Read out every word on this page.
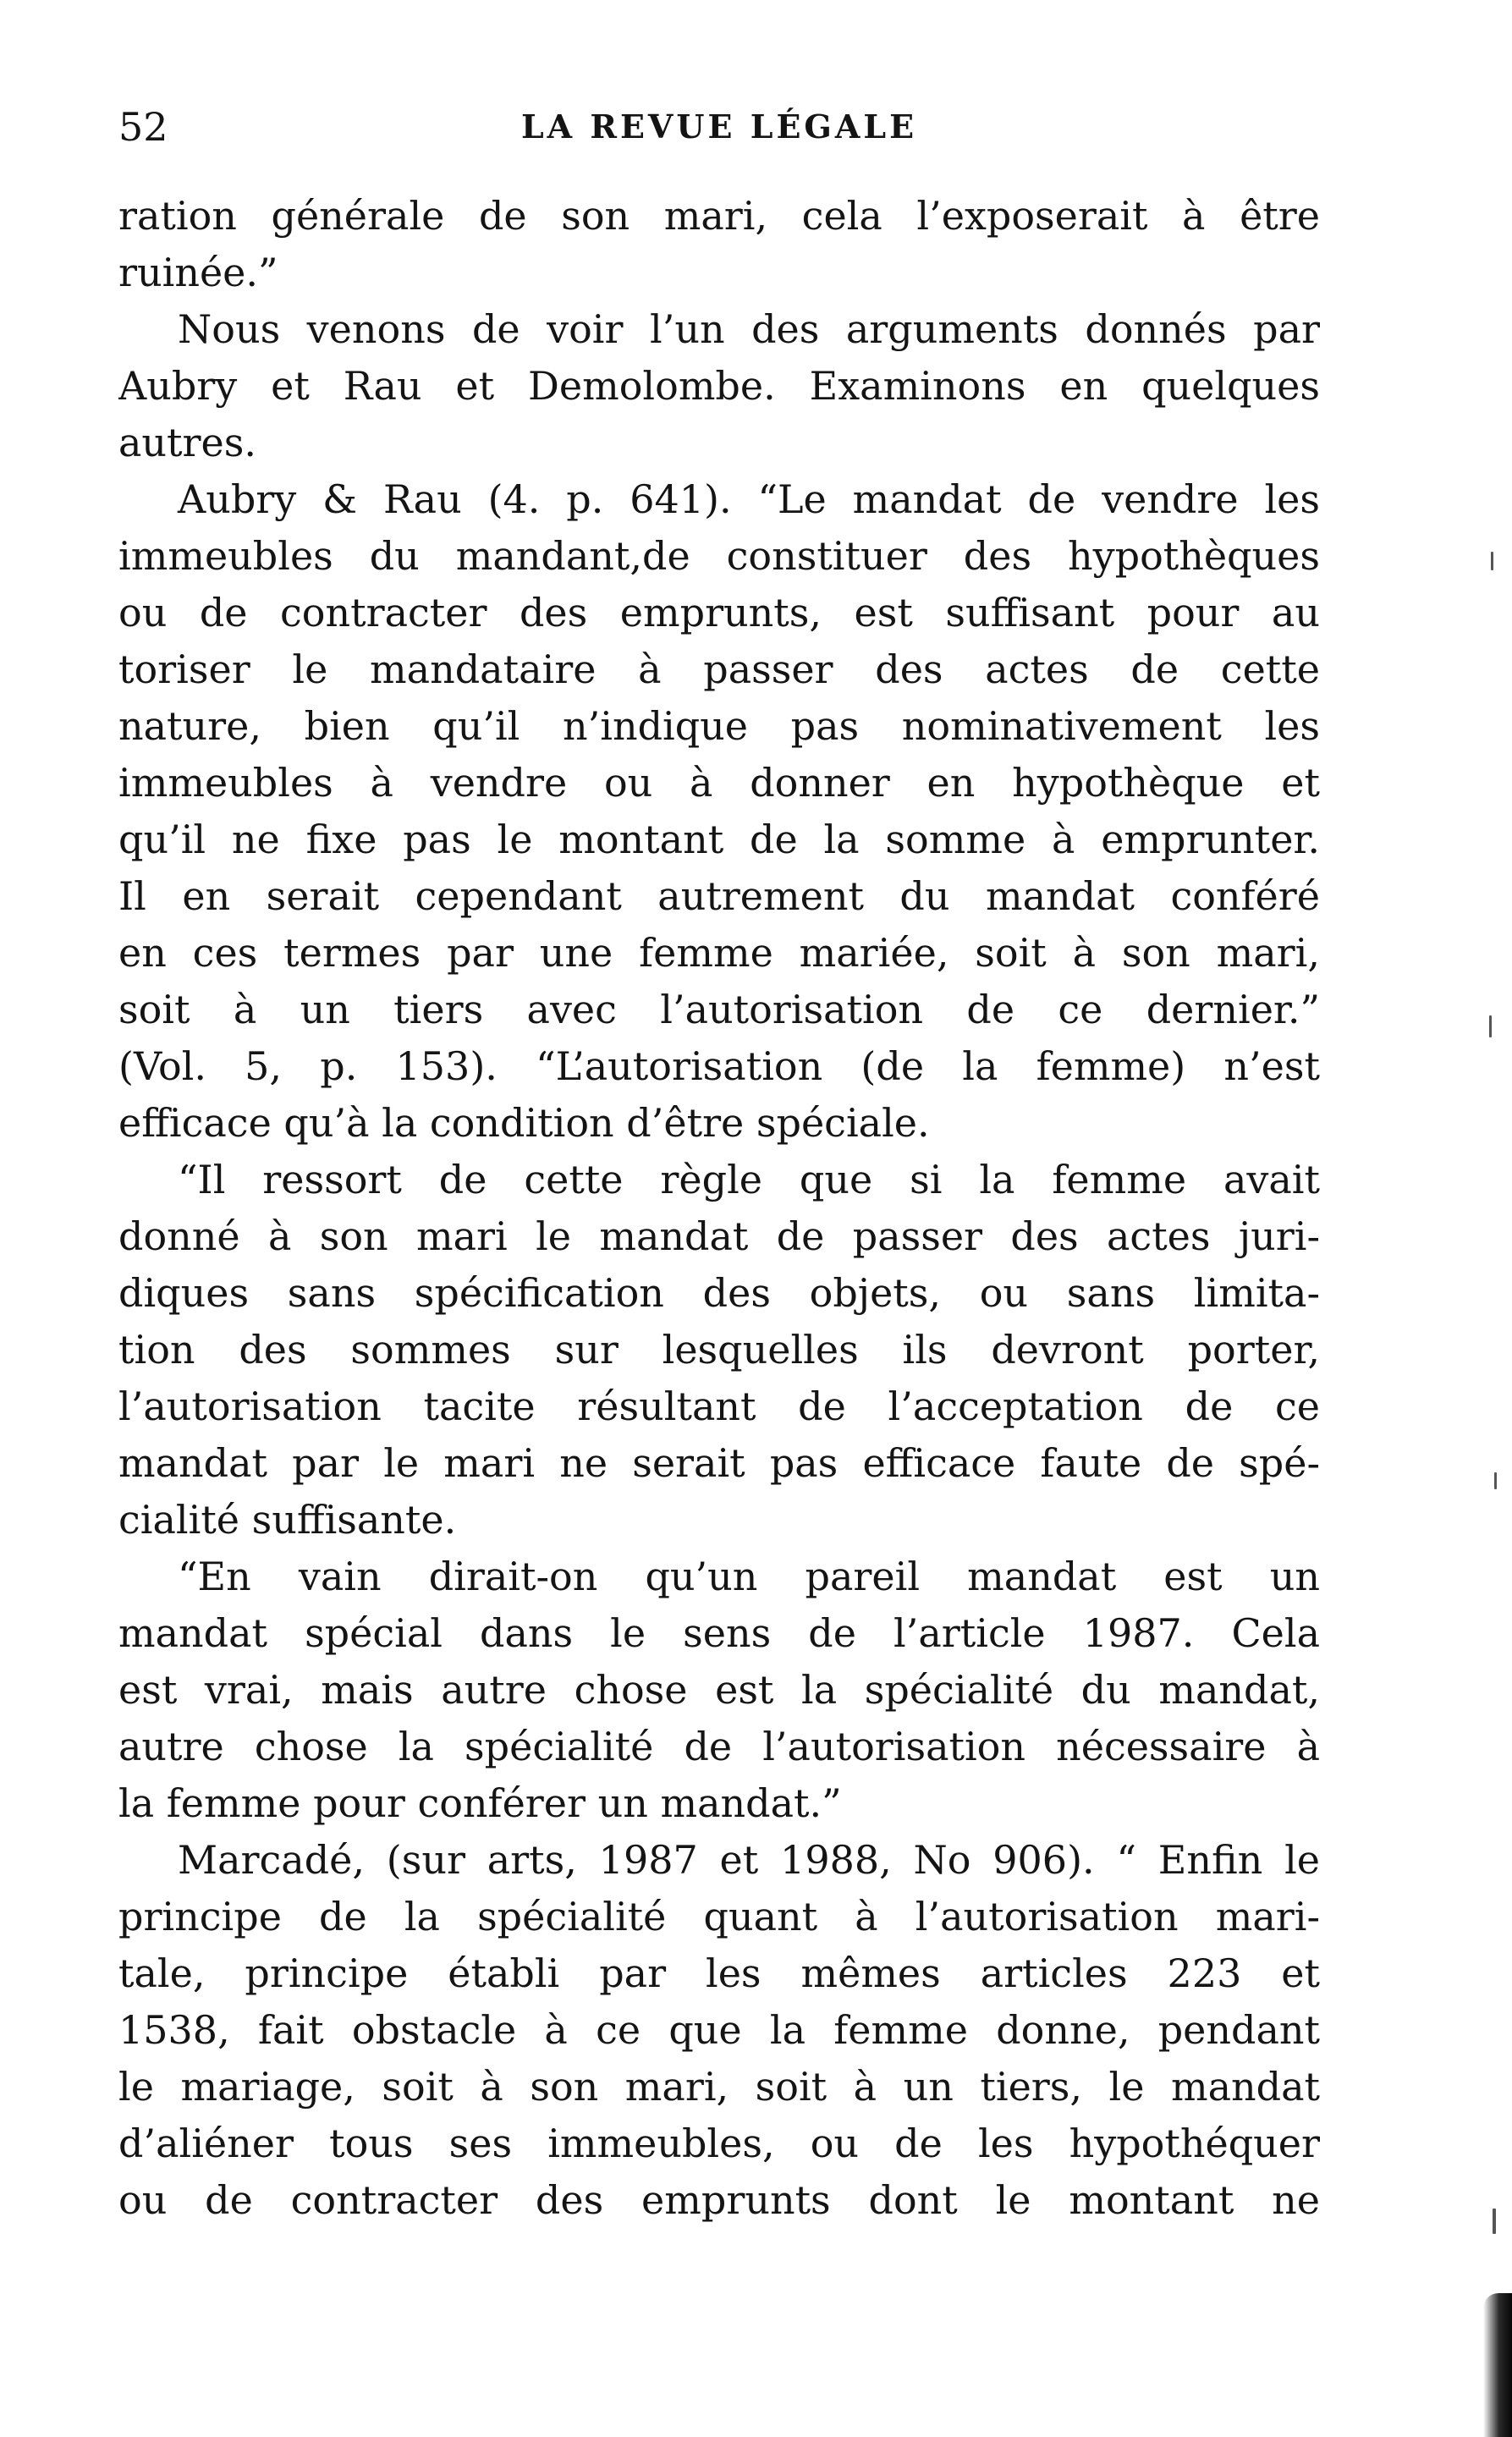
52	LA REVUE LÉGALE
ration générale de son mari, cela l’exposerait à être
ruinée.”
Nous venons de voir l’un des arguments donnés par
Aubry et Rau et Demolombe. Examinons en quelques
autres.
Aubry & Rau (4. p. 641). “Le mandat de vendre les
immeubles du mandant,de constituer des hypothèques
ou de contracter des emprunts, est suffisant pour au
toriser le mandataire à passer des actes de cette
nature, bien qu’il n’indique pas nominativement les
immeubles à vendre ou à donner en hypothèque et
qu’il ne fixe pas le montant de la somme à emprunter.
Il en serait cependant autrement du mandat conféré
en ces termes par une femme mariée, soit à son mari,
soit à un tiers avec l’autorisation de ce dernier.”
(Vol. 5, p. 153). “L’autorisation (de la femme) n’est
efficace qu’à la condition d’être spéciale.
“Il ressort de cette règle que si la femme avait
donné à son mari le mandat de passer des actes juri-
diques sans spécification des objets, ou sans limita-
tion des sommes sur lesquelles ils devront porter,
l’autorisation tacite résultant de l’acceptation de ce
mandat par le mari ne serait pas efficace faute de spé-
cialité suffisante.
“En vain dirait-on qu’un pareil mandat est un
mandat spécial dans le sens de l’article 1987. Cela
est vrai, mais autre chose est la spécialité du mandat,
autre chose la spécialité de l’autorisation nécessaire à
la femme pour conférer un mandat.”
Marcadé, (sur arts, 1987 et 1988, No 906). “ Enfin le
principe de la spécialité quant à l’autorisation mari-
tale, principe établi par les mêmes articles 223 et
1538, fait obstacle à ce que la femme donne, pendant
le mariage, soit à son mari, soit à un tiers, le mandat
d’aliéner tous ses immeubles, ou de les hypothéquer
ou de contracter des emprunts dont le montant ne
